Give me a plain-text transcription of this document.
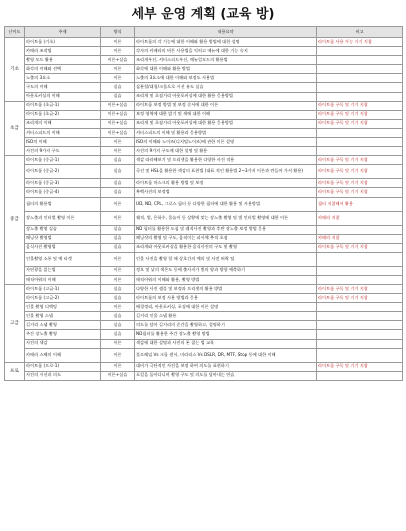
세부 운영 계획 (교육 방)
난이도	주제	방식	내용요약	비고
기초	라이트룸 (기초)	이론	라이트룸의 각 기능에 대한 이해와 활용 방법에 대한 설명	라이트룸 사용 가능 기기 지참
	카메라 조작법	이론	각자의 카메라의 버튼 사용법을 익히고 메뉴에 대한 기능 숙지	
	촬영 모드 활용	이론+실습	조리개우선, 셔터스피드우선, 매뉴얼모드의 활용법	
	화각의 이해와 선택	이론	화각에 대한 이해와 활용 방법	
	노출의 3요소	이론	노출의 3요소에 대한 이해와 보정도 사용법	
	구도의 이해	실습	삼분할/대칭/크롭으로 시선 유도 실습	
	아웃포커싱의 이해	실습	조리개 및 초점거리 아웃포커싱에 대한 활용 응용방법	
초급	라이트룸 (초급-1)	이론+실습	라이트룸 보정 방법 및 보정 순서에 대한 이론	라이트룸 구독 및 기기 지참
	라이트룸 (초급-2)	이론+실습	보정 영역에 대한 밝기 및 색에 대한 이해	라이트룸 구독 및 기기 지참
	조리개의 이해	이론+실습	조리개 및 초점거리 아웃포커싱에 대한 활용 응용방법	라이트룸 구독 및 기기 지참
	셔터스피드의 이해	이론+실습	셔터스피드의 이해 및 활용과 응용방법	
	ISO의 이해	이론	ISO의 이해와 노이즈(디지털노이즈)에 관한 이론 설명	
	사진의 9가지 구도	이론	사진의 9가지 구도에 대한 설명 및 활용	
중급	라이트룸 (중급-1)	실습	색감 따라해보기 및 프리셋을 활용한 다양한 사진 적용	라이트룸 구독 및 기기 지참
	라이트룸 (중급-2)	실습	곡선 및 HSL을 활용한 색감의 표현법 (대표 적인 활용법 2~3가지 이론과 만들어 가서 활용)	라이트룸 구독 및 기기 지참
	라이트룸 (중급-3)	실습	라이트룸 마스크의 활용 방법 및 보정	라이트룸 구독 및 기기 지참
	라이트룸 (중급-4)	실습	흑백사진의 보정법	라이트룸 구독 및 기기 지참
	필터의 활용법	이론	UD, ND, CPL, 그로스 필터 등 다양한 필터에 대한 활용 및 사용방법	필터 지참해서 활용
	장노출과 인터벌 촬영 이론	이론	궤적, 별, 은하수, 물놀이 등 상황에 맞는 장노출 촬영 및 별 인터벌 촬영에 대한 이론	카메라 지참
	장노출 촬영 실습	실습	ND 필터를 활용한 도심 및 궤적사진 촬영과 후반 장노출 보정 방법 응용	
	패닝샷 촬영법	실습	패닝샷의 촬영 및 구도, 움직이는 피사체 추적 초점	카메라 지참
	음식사진 촬영법	실습	조리개와 아웃포커싱을 활용한 음식사진의 구도 및 촬영	라이트룸 구독 및 기기 지참
	인물촬영 소통 및 예 티켓	이론	인물 사진을 촬영 할 때 상호간의 예의 및 사전 허락 팁	
	자연광을 읽는법	이론	정오 및 낮의 색온도 등에 출사지가 빛의 양과 방향 예측하기	
	매직아워의 이해	이론	매직아워의 이해와 활용, 촬영 방법	
고급	라이트룸 (고급-1)	실습	다양한 사진 샘플 및 보정과 프리셋의 활용 방법	라이트룸 구독 및 기기 지참
	라이트룸 (고급-2)	실습	라이트룸의 보정 사용 방법과 응용	라이트룸 구독 및 기기 지참
	인물 촬영 디렉팅	이론	배경정리, 아웃포커싱, 포징에 대한 이론 설명	
	인물 촬영 스냅	실습	길거리 인물 스냅 활용	
	길거리 스냅 촬영	실습	의도를 담아 길거리의 순간을 촬영하고, 설명하기	
	주간 장노출 촬영	실습	ND필터를 활용한 주간 장노출 촬영 방법	
	사진의 색감	이론	색감에 대한 설명과 사진의 톤 잡는 법 교육	
	카메라 스펙의 이해	이론	풀프레임 Vs 크롭 센서, 미러리스 Vs DSLR, DR, MTF, Stop 등에 대한 이해	
프로	라이트룸 (프로-1)	이론	대비가 극단적인 사진을 보정 하여 의도를 표현하기	라이트룸 구독 및 기기 지참
	사진의 시선과 의도	이론+실습	포컬을 돌아다니며 촬영 구도 및 의도를 담아내는 연습	
